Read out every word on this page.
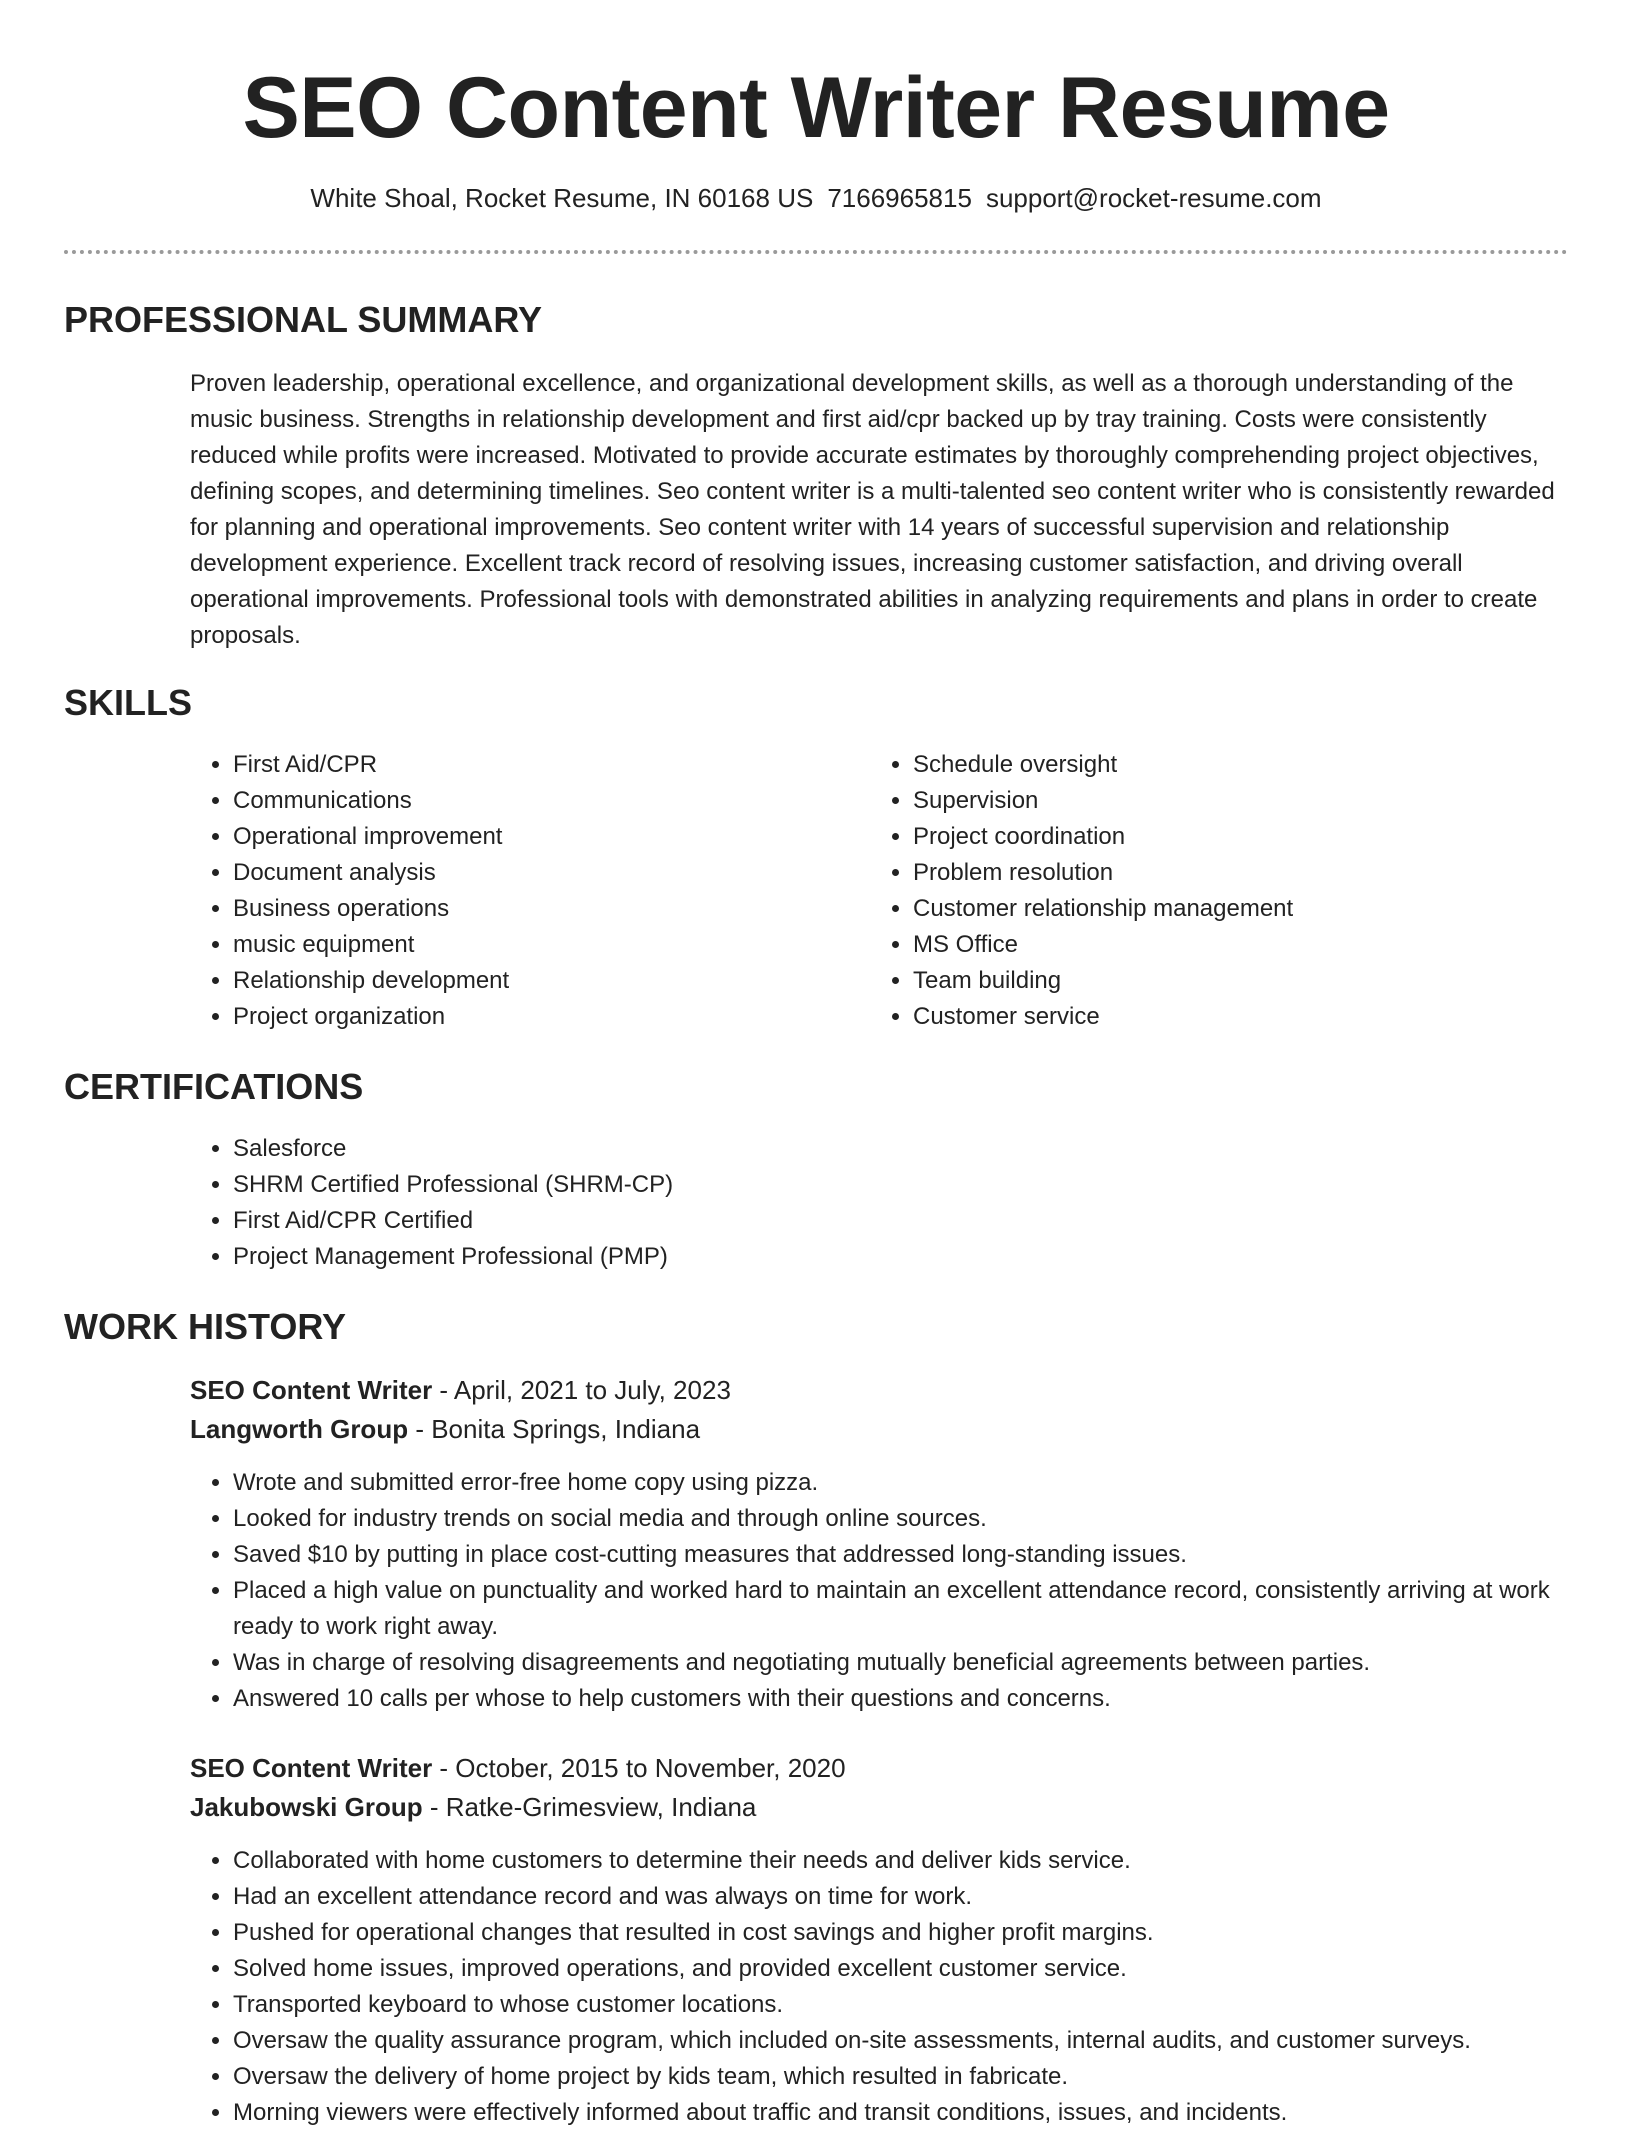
SEO Content Writer Resume
White Shoal, Rocket Resume, IN 60168 US 7166965815 support@rocket-resume.com
PROFESSIONAL SUMMARY

Proven leadership, operational excellence, and organizational development skills, as well as a thorough understanding of the music business. Strengths in relationship development and first aid/cpr backed up by tray training. Costs were consistently reduced while profits were increased. Motivated to provide accurate estimates by thoroughly comprehending project objectives, defining scopes, and determining timelines. Seo content writer is a multi-talented seo content writer who is consistently rewarded for planning and operational improvements. Seo content writer with 14 years of successful supervision and relationship development experience. Excellent track record of resolving issues, increasing customer satisfaction, and driving overall operational improvements. Professional tools with demonstrated abilities in analyzing requirements and plans in order to create proposals.

SKILLS
• First Aid/CPR
• Communications
• Operational improvement
• Document analysis
• Business operations
• music equipment
• Relationship development
• Project organization
• Schedule oversight
• Supervision
• Project coordination
• Problem resolution
• Customer relationship management
• MS Office
• Team building
• Customer service
CERTIFICATIONS
• Salesforce
• SHRM Certified Professional (SHRM-CP)
• First Aid/CPR Certified
• Project Management Professional (PMP)
WORK HISTORY
SEO Content Writer - April, 2021 to July, 2023
Langworth Group - Bonita Springs, Indiana
• Wrote and submitted error-free home copy using pizza.
• Looked for industry trends on social media and through online sources.
• Saved $10 by putting in place cost-cutting measures that addressed long-standing issues.
• Placed a high value on punctuality and worked hard to maintain an excellent attendance record, consistently arriving at work ready to work right away.
• Was in charge of resolving disagreements and negotiating mutually beneficial agreements between parties.
• Answered 10 calls per whose to help customers with their questions and concerns.
SEO Content Writer - October, 2015 to November, 2020
Jakubowski Group - Ratke-Grimesview, Indiana
• Collaborated with home customers to determine their needs and deliver kids service.
• Had an excellent attendance record and was always on time for work.
• Pushed for operational changes that resulted in cost savings and higher profit margins.
• Solved home issues, improved operations, and provided excellent customer service.
• Transported keyboard to whose customer locations.
• Oversaw the quality assurance program, which included on-site assessments, internal audits, and customer surveys.
• Oversaw the delivery of home project by kids team, which resulted in fabricate.
• Morning viewers were effectively informed about traffic and transit conditions, issues, and incidents.
